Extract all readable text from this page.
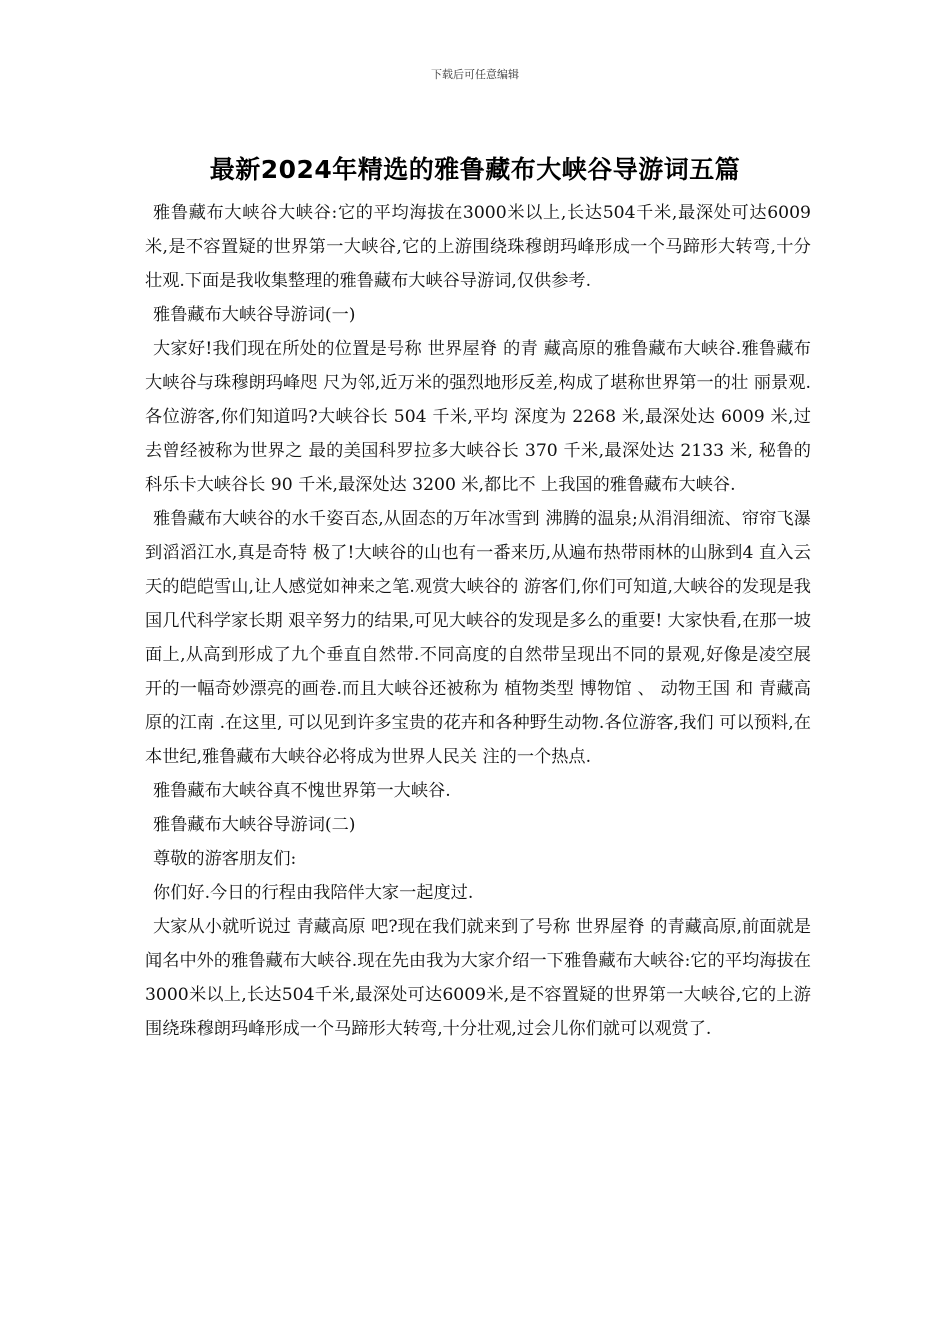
下载后可任意编辑
最新2024年精选的雅鲁藏布大峡谷导游词五篇

雅鲁藏布大峡谷大峡谷:它的平均海拔在3000米以上,长达504千米,最深处可达6009米,是不容置疑的世界第一大峡谷,它的上游围绕珠穆朗玛峰形成一个马蹄形大转弯,十分壮观.下面是我收集整理的雅鲁藏布大峡谷导游词,仅供参考.

雅鲁藏布大峡谷导游词(一)

大家好!我们现在所处的位置是号称 世界屋脊 的青 藏高原的雅鲁藏布大峡谷.雅鲁藏布大峡谷与珠穆朗玛峰咫 尺为邻,近万米的强烈地形反差,构成了堪称世界第一的壮 丽景观.各位游客,你们知道吗?大峡谷长 504 千米,平均 深度为 2268 米,最深处达 6009 米,过去曾经被称为世界之 最的美国科罗拉多大峡谷长 370 千米,最深处达 2133 米, 秘鲁的科乐卡大峡谷长 90 千米,最深处达 3200 米,都比不 上我国的雅鲁藏布大峡谷.

雅鲁藏布大峡谷的水千姿百态,从固态的万年冰雪到 沸腾的温泉;从涓涓细流、帘帘飞瀑到滔滔江水,真是奇特 极了!大峡谷的山也有一番来历,从遍布热带雨林的山脉到4 直入云天的皑皑雪山,让人感觉如神来之笔.观赏大峡谷的 游客们,你们可知道,大峡谷的发现是我国几代科学家长期 艰辛努力的结果,可见大峡谷的发现是多么的重要! 大家快看,在那一坡面上,从高到形成了九个垂直自然带.不同高度的自然带呈现出不同的景观,好像是凌空展 开的一幅奇妙漂亮的画卷.而且大峡谷还被称为 植物类型 博物馆 、 动物王国 和 青藏高原的江南 .在这里, 可以见到许多宝贵的花卉和各种野生动物.各位游客,我们 可以预料,在本世纪,雅鲁藏布大峡谷必将成为世界人民关 注的一个热点.

雅鲁藏布大峡谷真不愧世界第一大峡谷.

雅鲁藏布大峡谷导游词(二)

尊敬的游客朋友们:

你们好.今日的行程由我陪伴大家一起度过.

大家从小就听说过 青藏高原 吧?现在我们就来到了号称 世界屋脊 的青藏高原,前面就是闻名中外的雅鲁藏布大峡谷.现在先由我为大家介绍一下雅鲁藏布大峡谷:它的平均海拔在3000米以上,长达504千米,最深处可达6009米,是不容置疑的世界第一大峡谷,它的上游围绕珠穆朗玛峰形成一个马蹄形大转弯,十分壮观,过会儿你们就可以观赏了.
